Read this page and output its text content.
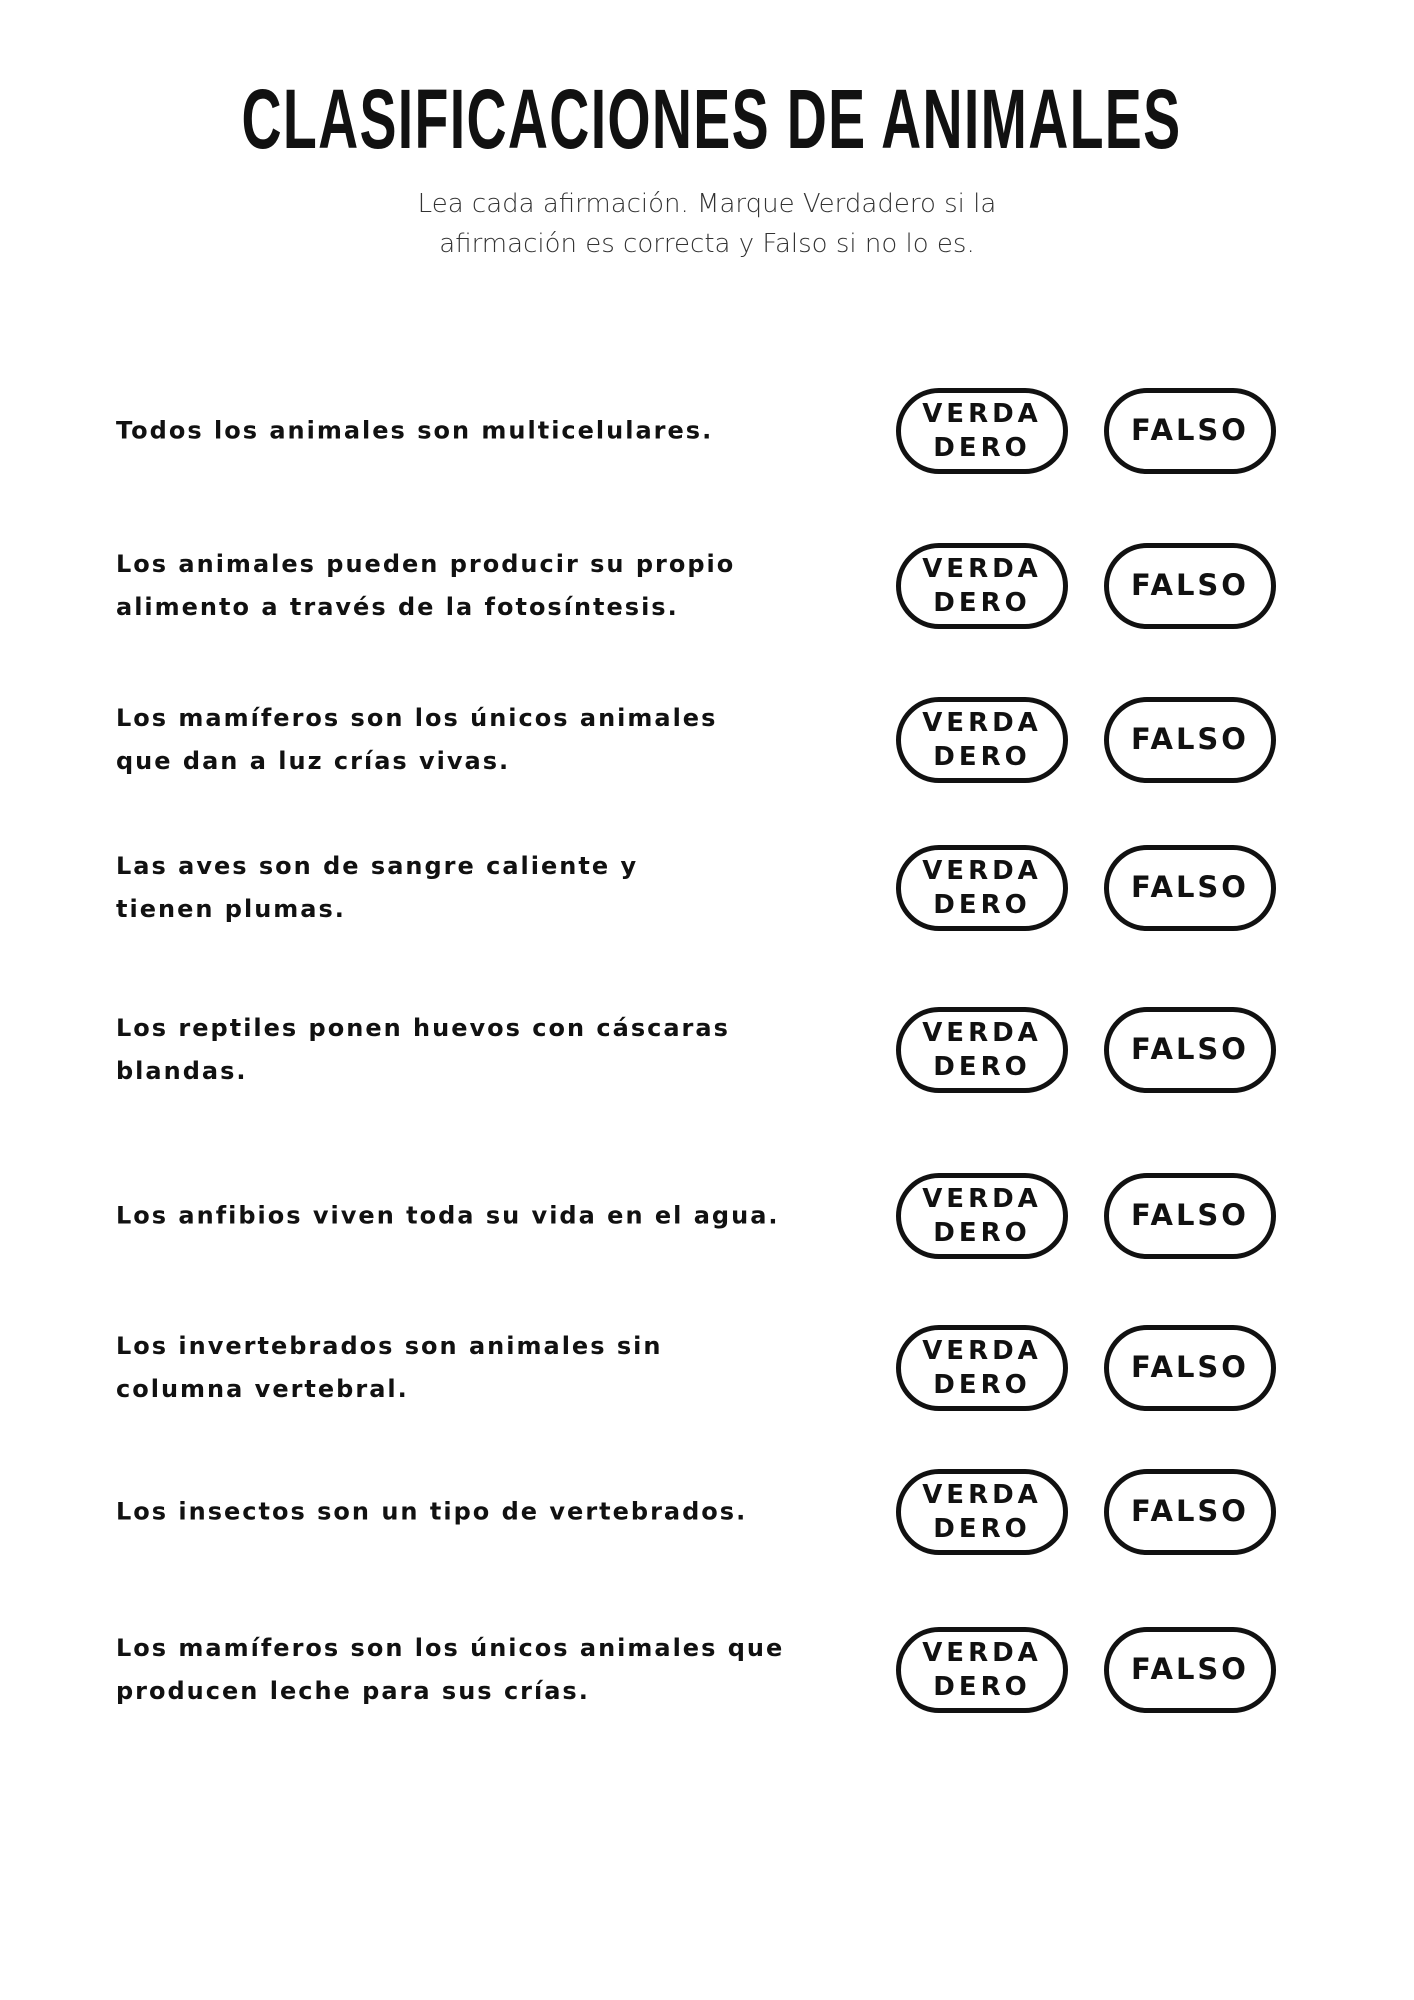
CLASIFICACIONES DE ANIMALES
Lea cada afirmación. Marque Verdadero si la
afirmación es correcta y Falso si no lo es.
Todos los animales son multicelulares.
VERDA
DERO
FALSO
Los animales pueden producir su propio alimento a través de la fotosíntesis.
VERDA
DERO
FALSO
Los mamíferos son los únicos animales que dan a luz crías vivas.
VERDA
DERO
FALSO
Las aves son de sangre caliente y tienen plumas.
VERDA
DERO
FALSO
Los reptiles ponen huevos con cáscaras blandas.
VERDA
DERO
FALSO
Los anfibios viven toda su vida en el agua.
VERDA
DERO
FALSO
Los invertebrados son animales sin columna vertebral.
VERDA
DERO
FALSO
Los insectos son un tipo de vertebrados.
VERDA
DERO
FALSO
Los mamíferos son los únicos animales que producen leche para sus crías.
VERDA
DERO
FALSO
